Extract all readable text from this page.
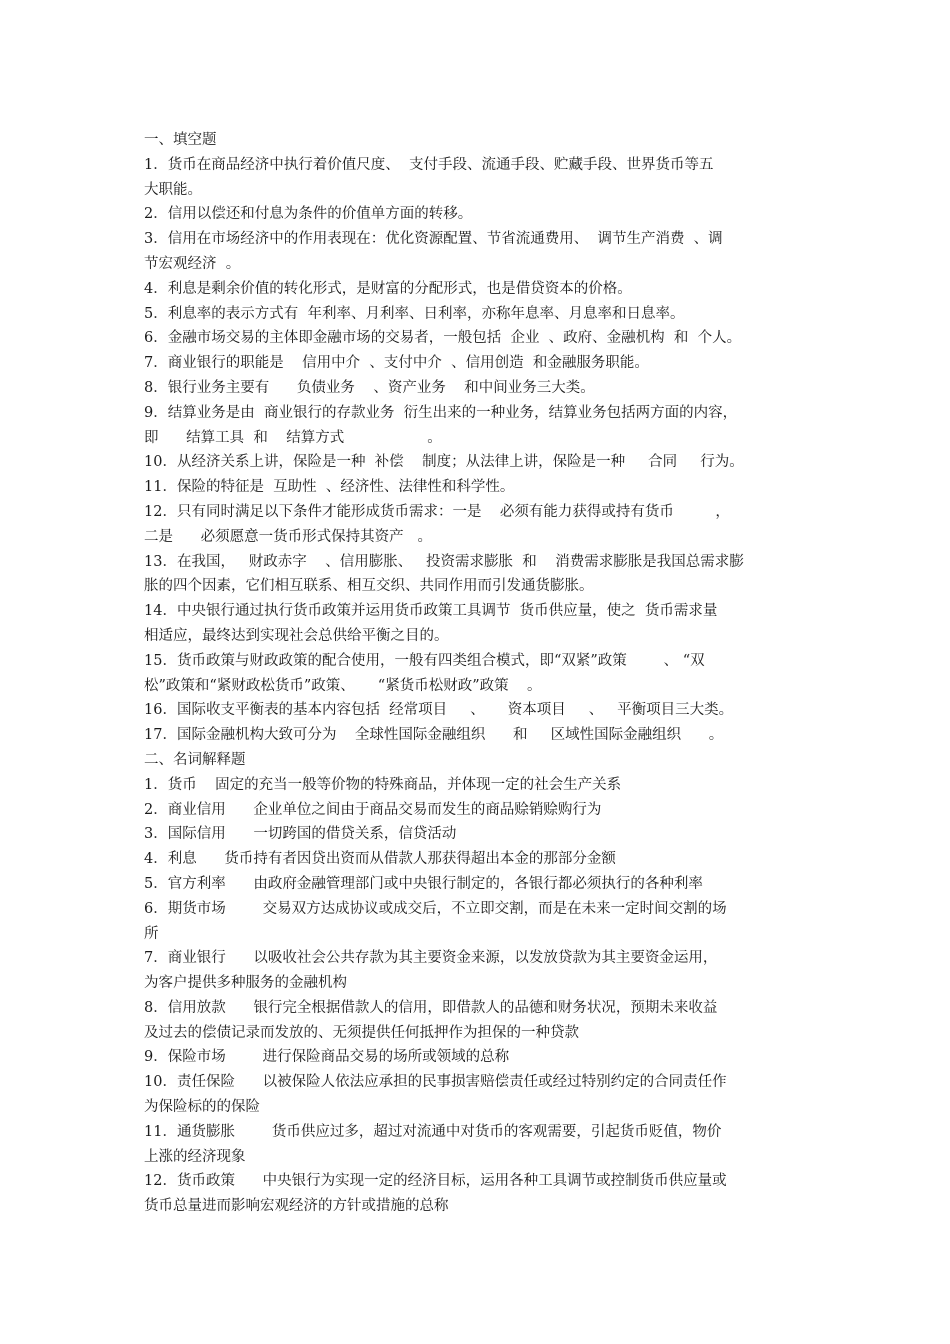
一、填空题
1．货币在商品经济中执行着价值尺度、  支付手段、流通手段、贮藏手段、世界货币等五
大职能。
2．信用以偿还和付息为条件的价值单方面的转移。
3．信用在市场经济中的作用表现在：优化资源配置、节省流通费用、  调节生产消费  、调
节宏观经济  。
4．利息是剩余价值的转化形式，是财富的分配形式，也是借贷资本的价格。
5．利息率的表示方式有  年利率、月利率、日利率，亦称年息率、月息率和日息率。
6．金融市场交易的主体即金融市场的交易者，一般包括  企业  、政府、金融机构  和  个人。
7．商业银行的职能是    信用中介  、支付中介  、信用创造  和金融服务职能。
8．银行业务主要有      负债业务    、资产业务    和中间业务三大类。
9．结算业务是由  商业银行的存款业务  衍生出来的一种业务，结算业务包括两方面的内容，
即      结算工具  和    结算方式                  。
10．从经济关系上讲，保险是一种  补偿    制度；从法律上讲，保险是一种     合同     行为。
11．保险的特征是  互助性  、经济性、法律性和科学性。
12．只有同时满足以下条件才能形成货币需求：一是    必须有能力获得或持有货币         ，
二是      必须愿意一货币形式保持其资产   。
13．在我国，   财政赤字    、信用膨胀、   投资需求膨胀  和    消费需求膨胀是我国总需求膨
胀的四个因素，它们相互联系、相互交织、共同作用而引发通货膨胀。
14．中央银行通过执行货币政策并运用货币政策工具调节  货币供应量，使之  货币需求量
相适应，最终达到实现社会总供给平衡之目的。
15．货币政策与财政政策的配合使用，一般有四类组合模式，即“双紧”政策        、 “双
松”政策和“紧财政松货币”政策、     “紧货币松财政”政策    。
16．国际收支平衡表的基本内容包括  经常项目     、     资本项目     、   平衡项目三大类。
17．国际金融机构大致可分为    全球性国际金融组织      和     区域性国际金融组织      。
二、名词解释题
1．货币    固定的充当一般等价物的特殊商品，并体现一定的社会生产关系
2．商业信用      企业单位之间由于商品交易而发生的商品赊销赊购行为
3．国际信用      一切跨国的借贷关系，信贷活动
4．利息      货币持有者因贷出资而从借款人那获得超出本金的那部分金额
5．官方利率      由政府金融管理部门或中央银行制定的，各银行都必须执行的各种利率
6．期货市场        交易双方达成协议或成交后，不立即交割，而是在未来一定时间交割的场
所
7．商业银行      以吸收社会公共存款为其主要资金来源，以发放贷款为其主要资金运用，
为客户提供多种服务的金融机构
8．信用放款      银行完全根据借款人的信用，即借款人的品德和财务状况，预期未来收益
及过去的偿债记录而发放的、无须提供任何抵押作为担保的一种贷款
9．保险市场        进行保险商品交易的场所或领域的总称
10．责任保险      以被保险人依法应承担的民事损害赔偿责任或经过特别约定的合同责任作
为保险标的的保险
11．通货膨胀        货币供应过多，超过对流通中对货币的客观需要，引起货币贬值，物价
上涨的经济现象
12．货币政策      中央银行为实现一定的经济目标，运用各种工具调节或控制货币供应量或
货币总量进而影响宏观经济的方针或措施的总称
